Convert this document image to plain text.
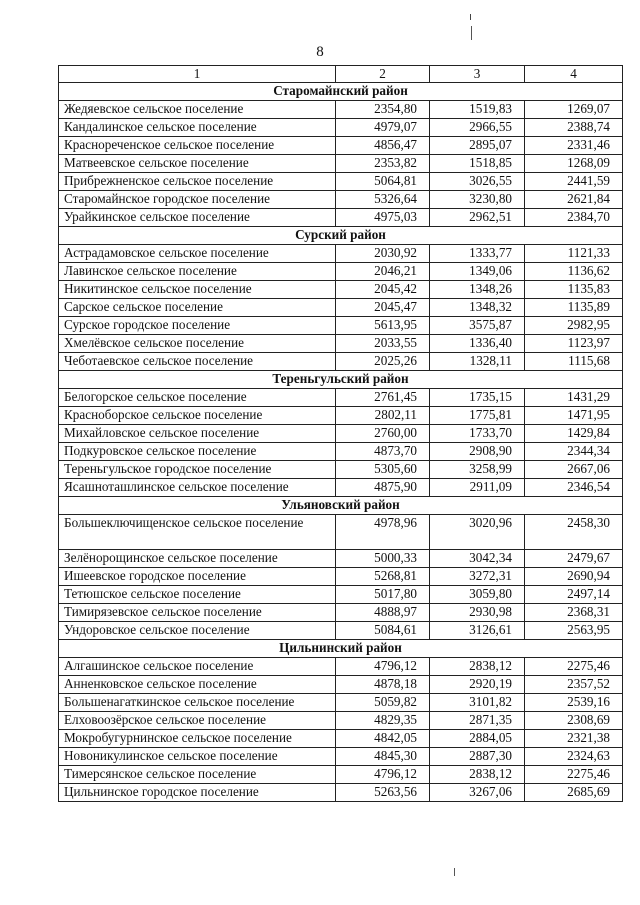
8
1	2	3	4
Старомайнский район			
Жедяевское сельское поселение	2354,80	1519,83	1269,07
Кандалинское сельское поселение	4979,07	2966,55	2388,74
Краснореченское сельское поселение	4856,47	2895,07	2331,46
Матвеевское сельское поселение	2353,82	1518,85	1268,09
Прибрежненское сельское поселение	5064,81	3026,55	2441,59
Старомайнское городское поселение	5326,64	3230,80	2621,84
Урайкинское сельское поселение	4975,03	2962,51	2384,70
Сурский район			
Астрадамовское сельское поселение	2030,92	1333,77	1121,33
Лавинское сельское поселение	2046,21	1349,06	1136,62
Никитинское сельское поселение	2045,42	1348,26	1135,83
Сарское сельское поселение	2045,47	1348,32	1135,89
Сурское городское поселение	5613,95	3575,87	2982,95
Хмелёвское сельское поселение	2033,55	1336,40	1123,97
Чеботаевское сельское поселение	2025,26	1328,11	1115,68
Тереньгульский район			
Белогорское сельское поселение	2761,45	1735,15	1431,29
Красноборское сельское поселение	2802,11	1775,81	1471,95
Михайловское сельское поселение	2760,00	1733,70	1429,84
Подкуровское сельское поселение	4873,70	2908,90	2344,34
Тереньгульское городское поселение	5305,60	3258,99	2667,06
Ясашноташлинское сельское поселение	4875,90	2911,09	2346,54
Ульяновский район			
Большеключищенское сельское поселение	4978,96	3020,96	2458,30
Зелёнорощинское сельское поселение	5000,33	3042,34	2479,67
Ишеевское городское поселение	5268,81	3272,31	2690,94
Тетюшское сельское поселение	5017,80	3059,80	2497,14
Тимирязевское сельское поселение	4888,97	2930,98	2368,31
Ундоровское сельское поселение	5084,61	3126,61	2563,95
Цильнинский район			
Алгашинское сельское поселение	4796,12	2838,12	2275,46
Анненковское сельское поселение	4878,18	2920,19	2357,52
Большенагаткинское сельское поселение	5059,82	3101,82	2539,16
Елховоозёрское сельское поселение	4829,35	2871,35	2308,69
Мокробугурнинское сельское поселение	4842,05	2884,05	2321,38
Новоникулинское сельское поселение	4845,30	2887,30	2324,63
Тимерсянское сельское поселение	4796,12	2838,12	2275,46
Цильнинское городское поселение	5263,56	3267,06	2685,69
